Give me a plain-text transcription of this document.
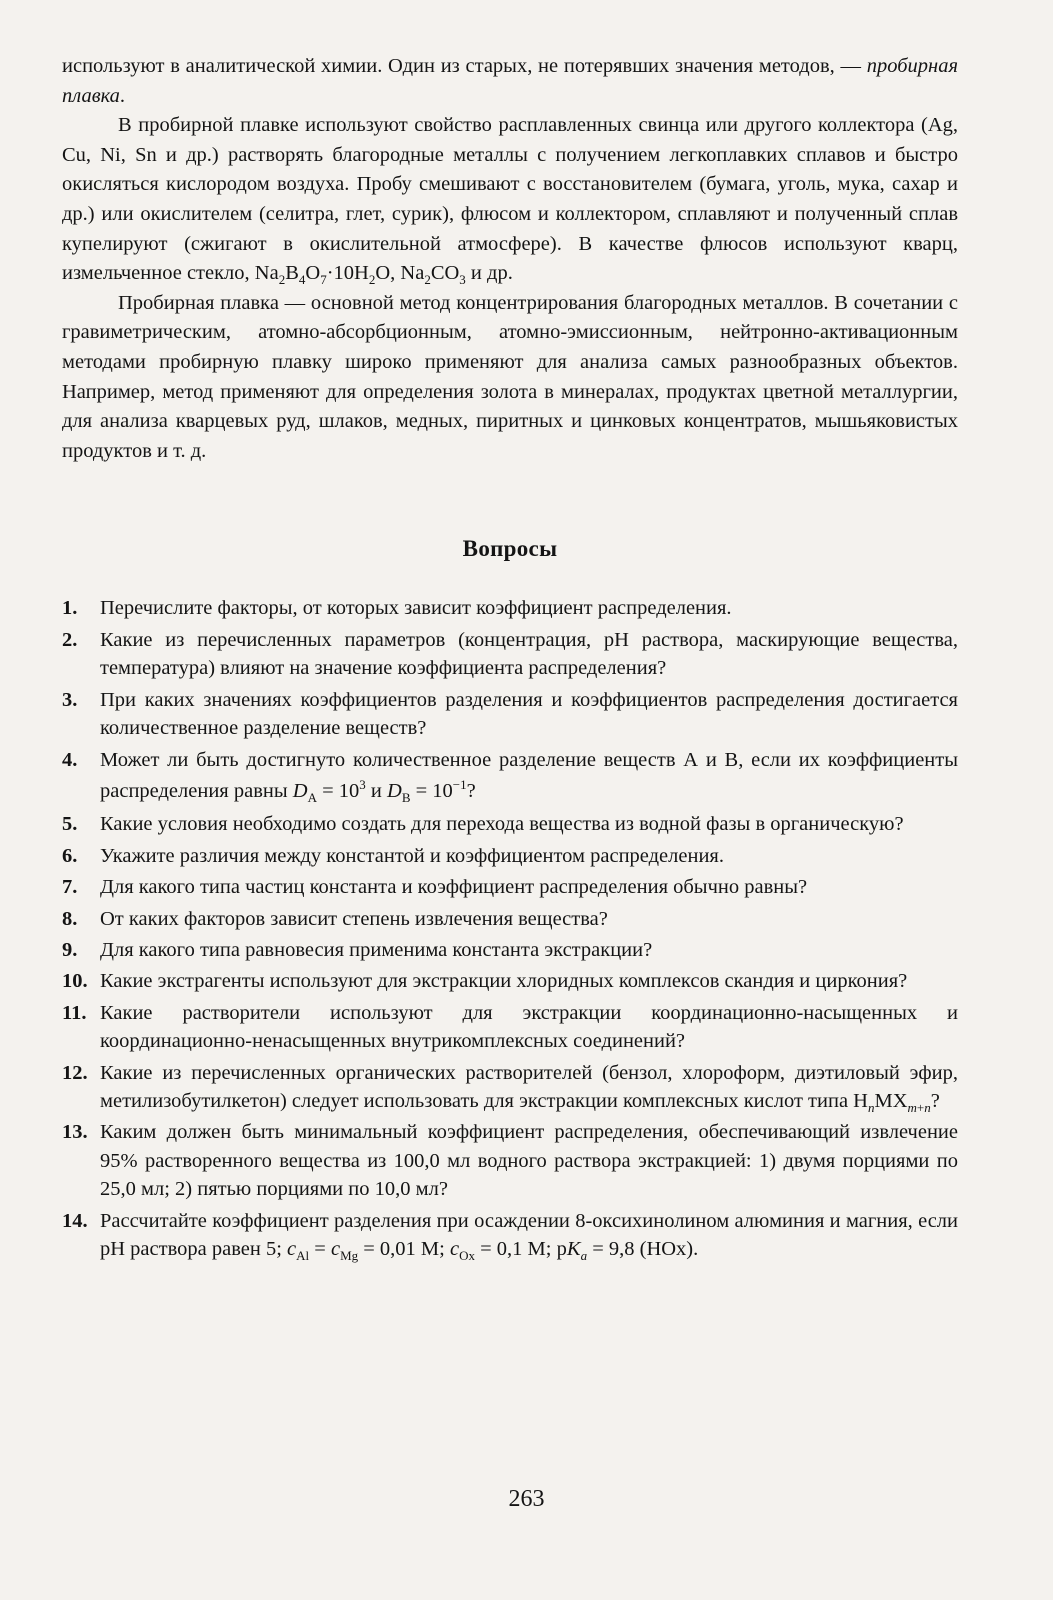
используют в аналитической химии. Один из старых, не потерявших значения методов, — пробирная плавка.

В пробирной плавке используют свойство расплавленных свинца или другого коллектора (Ag, Cu, Ni, Sn и др.) растворять благородные металлы с получением легкоплавких сплавов и быстро окисляться кислородом воздуха. Пробу смешивают с восстановителем (бумага, уголь, мука, сахар и др.) или окислителем (селитра, глет, сурик), флюсом и коллектором, сплавляют и полученный сплав купелируют (сжигают в окислительной атмосфере). В качестве флюсов используют кварц, измельченное стекло, $Na_2B_4O_7\cdot 10H_2O$, $Na_2CO_3$ и др.

Пробирная плавка — основной метод концентрирования благородных металлов. В сочетании с гравиметрическим, атомно-абсорбционным, атомно-эмиссионным, нейтронно-активационным методами пробирную плавку широко применяют для анализа самых разнообразных объектов. Например, метод применяют для определения золота в минералах, продуктах цветной металлургии, для анализа кварцевых руд, шлаков, медных, пиритных и цинковых концентратов, мышьяковистых продуктов и т. д.

Вопросы
1. Перечислите факторы, от которых зависит коэффициент распределения.
2. Какие из перечисленных параметров (концентрация, pH раствора, маскирующие вещества, температура) влияют на значение коэффициента распределения?
3. При каких значениях коэффициентов разделения и коэффициентов распределения достигается количественное разделение веществ?
4. Может ли быть достигнуто количественное разделение веществ А и В, если их коэффициенты распределения равны $D_A = 10^3$ и $D_B = 10^{-1}$?
5. Какие условия необходимо создать для перехода вещества из водной фазы в органическую?
6. Укажите различия между константой и коэффициентом распределения.
7. Для какого типа частиц константа и коэффициент распределения обычно равны?
8. От каких факторов зависит степень извлечения вещества?
9. Для какого типа равновесия применима константа экстракции?
10. Какие экстрагенты используют для экстракции хлоридных комплексов скандия и циркония?
11. Какие растворители используют для экстракции координационно-насыщенных и координационно-ненасыщенных внутрикомплексных соединений?
12. Какие из перечисленных органических растворителей (бензол, хлороформ, диэтиловый эфир, метилизобутилкетон) следует использовать для экстракции комплексных кислот типа $H_nMX_{m+n}$?
13. Каким должен быть минимальный коэффициент распределения, обеспечивающий извлечение 95% растворенного вещества из 100,0 мл водного раствора экстракцией: 1) двумя порциями по 25,0 мл; 2) пятью порциями по 10,0 мл?
14. Рассчитайте коэффициент разделения при осаждении 8-оксихинолином алюминия и магния, если pH раствора равен 5; $c_{Al} = c_{Mg} = 0,01$ М; $c_{Ox} = 0,1$ М; $pK_a = 9,8$ (HOx).
263
